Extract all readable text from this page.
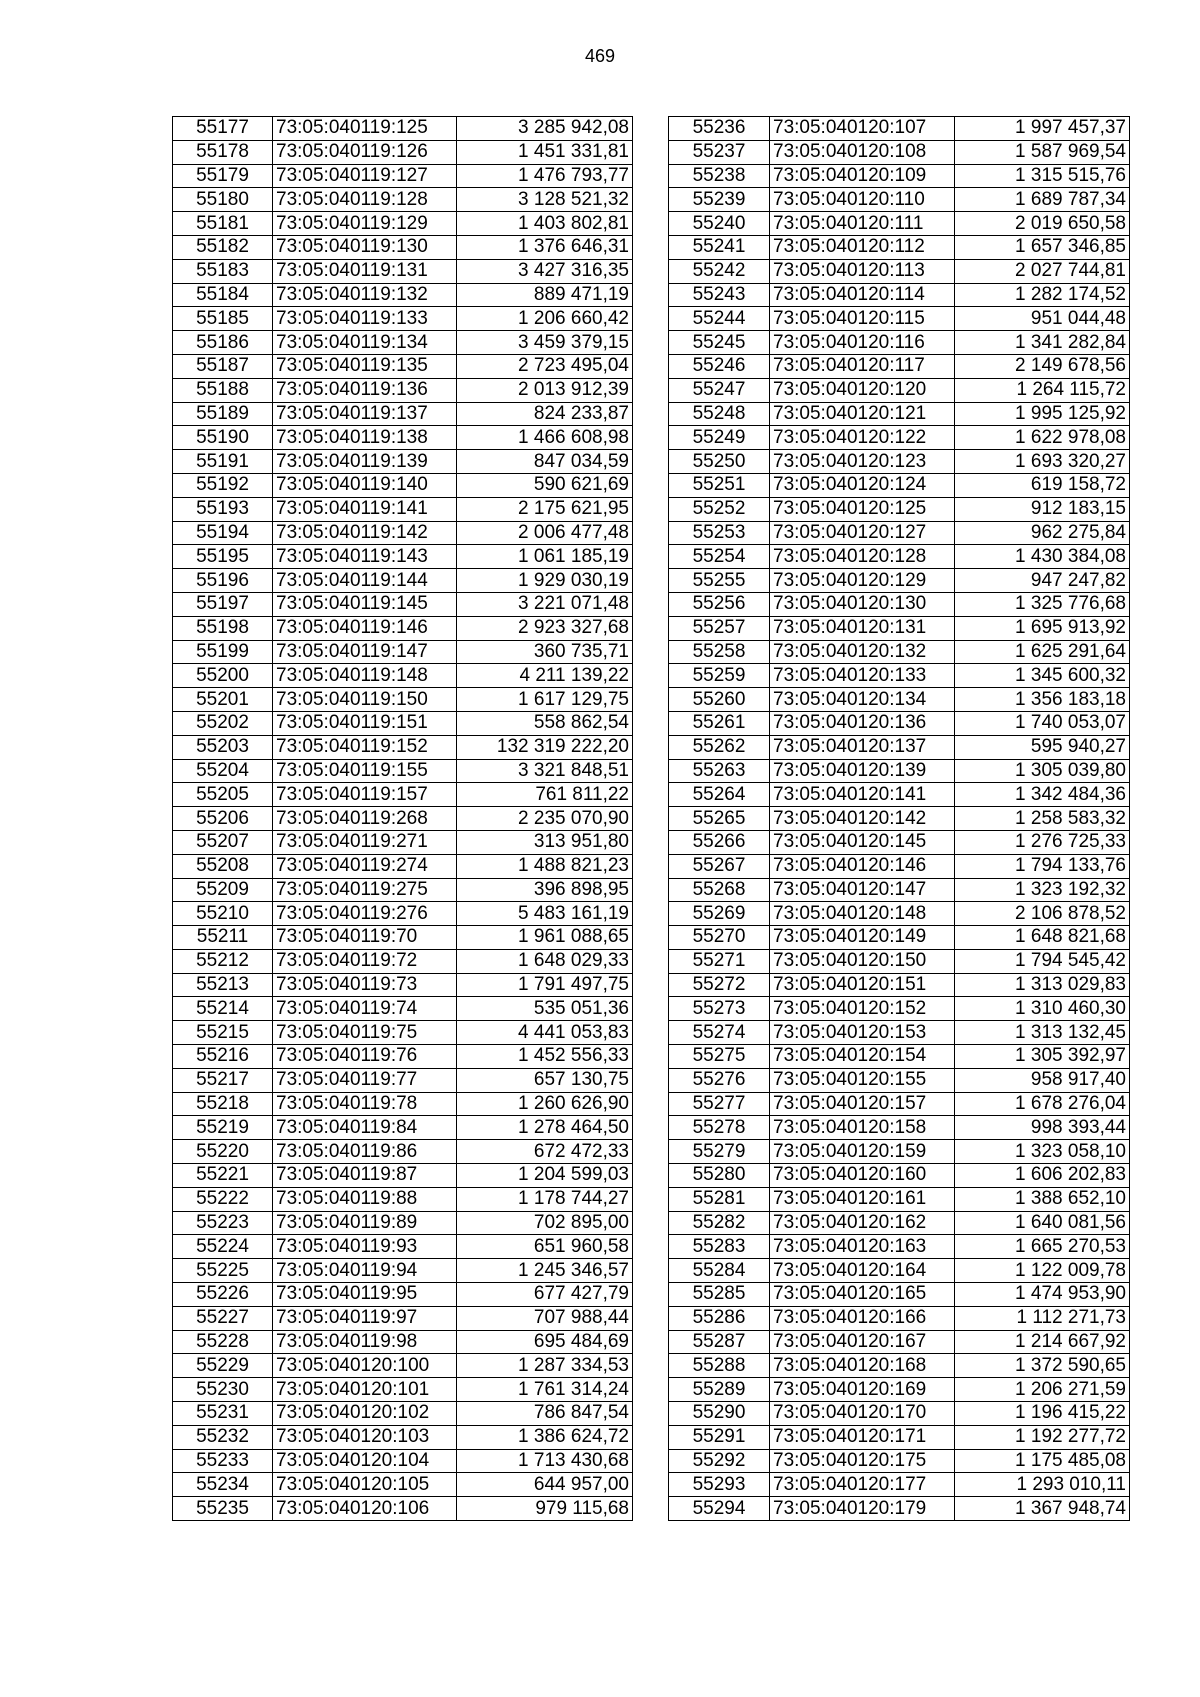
469
55177	73:05:040119:125	3 285 942,08
55178	73:05:040119:126	1 451 331,81
55179	73:05:040119:127	1 476 793,77
55180	73:05:040119:128	3 128 521,32
55181	73:05:040119:129	1 403 802,81
55182	73:05:040119:130	1 376 646,31
55183	73:05:040119:131	3 427 316,35
55184	73:05:040119:132	889 471,19
55185	73:05:040119:133	1 206 660,42
55186	73:05:040119:134	3 459 379,15
55187	73:05:040119:135	2 723 495,04
55188	73:05:040119:136	2 013 912,39
55189	73:05:040119:137	824 233,87
55190	73:05:040119:138	1 466 608,98
55191	73:05:040119:139	847 034,59
55192	73:05:040119:140	590 621,69
55193	73:05:040119:141	2 175 621,95
55194	73:05:040119:142	2 006 477,48
55195	73:05:040119:143	1 061 185,19
55196	73:05:040119:144	1 929 030,19
55197	73:05:040119:145	3 221 071,48
55198	73:05:040119:146	2 923 327,68
55199	73:05:040119:147	360 735,71
55200	73:05:040119:148	4 211 139,22
55201	73:05:040119:150	1 617 129,75
55202	73:05:040119:151	558 862,54
55203	73:05:040119:152	132 319 222,20
55204	73:05:040119:155	3 321 848,51
55205	73:05:040119:157	761 811,22
55206	73:05:040119:268	2 235 070,90
55207	73:05:040119:271	313 951,80
55208	73:05:040119:274	1 488 821,23
55209	73:05:040119:275	396 898,95
55210	73:05:040119:276	5 483 161,19
55211	73:05:040119:70	1 961 088,65
55212	73:05:040119:72	1 648 029,33
55213	73:05:040119:73	1 791 497,75
55214	73:05:040119:74	535 051,36
55215	73:05:040119:75	4 441 053,83
55216	73:05:040119:76	1 452 556,33
55217	73:05:040119:77	657 130,75
55218	73:05:040119:78	1 260 626,90
55219	73:05:040119:84	1 278 464,50
55220	73:05:040119:86	672 472,33
55221	73:05:040119:87	1 204 599,03
55222	73:05:040119:88	1 178 744,27
55223	73:05:040119:89	702 895,00
55224	73:05:040119:93	651 960,58
55225	73:05:040119:94	1 245 346,57
55226	73:05:040119:95	677 427,79
55227	73:05:040119:97	707 988,44
55228	73:05:040119:98	695 484,69
55229	73:05:040120:100	1 287 334,53
55230	73:05:040120:101	1 761 314,24
55231	73:05:040120:102	786 847,54
55232	73:05:040120:103	1 386 624,72
55233	73:05:040120:104	1 713 430,68
55234	73:05:040120:105	644 957,00
55235	73:05:040120:106	979 115,68
55236	73:05:040120:107	1 997 457,37
55237	73:05:040120:108	1 587 969,54
55238	73:05:040120:109	1 315 515,76
55239	73:05:040120:110	1 689 787,34
55240	73:05:040120:111	2 019 650,58
55241	73:05:040120:112	1 657 346,85
55242	73:05:040120:113	2 027 744,81
55243	73:05:040120:114	1 282 174,52
55244	73:05:040120:115	951 044,48
55245	73:05:040120:116	1 341 282,84
55246	73:05:040120:117	2 149 678,56
55247	73:05:040120:120	1 264 115,72
55248	73:05:040120:121	1 995 125,92
55249	73:05:040120:122	1 622 978,08
55250	73:05:040120:123	1 693 320,27
55251	73:05:040120:124	619 158,72
55252	73:05:040120:125	912 183,15
55253	73:05:040120:127	962 275,84
55254	73:05:040120:128	1 430 384,08
55255	73:05:040120:129	947 247,82
55256	73:05:040120:130	1 325 776,68
55257	73:05:040120:131	1 695 913,92
55258	73:05:040120:132	1 625 291,64
55259	73:05:040120:133	1 345 600,32
55260	73:05:040120:134	1 356 183,18
55261	73:05:040120:136	1 740 053,07
55262	73:05:040120:137	595 940,27
55263	73:05:040120:139	1 305 039,80
55264	73:05:040120:141	1 342 484,36
55265	73:05:040120:142	1 258 583,32
55266	73:05:040120:145	1 276 725,33
55267	73:05:040120:146	1 794 133,76
55268	73:05:040120:147	1 323 192,32
55269	73:05:040120:148	2 106 878,52
55270	73:05:040120:149	1 648 821,68
55271	73:05:040120:150	1 794 545,42
55272	73:05:040120:151	1 313 029,83
55273	73:05:040120:152	1 310 460,30
55274	73:05:040120:153	1 313 132,45
55275	73:05:040120:154	1 305 392,97
55276	73:05:040120:155	958 917,40
55277	73:05:040120:157	1 678 276,04
55278	73:05:040120:158	998 393,44
55279	73:05:040120:159	1 323 058,10
55280	73:05:040120:160	1 606 202,83
55281	73:05:040120:161	1 388 652,10
55282	73:05:040120:162	1 640 081,56
55283	73:05:040120:163	1 665 270,53
55284	73:05:040120:164	1 122 009,78
55285	73:05:040120:165	1 474 953,90
55286	73:05:040120:166	1 112 271,73
55287	73:05:040120:167	1 214 667,92
55288	73:05:040120:168	1 372 590,65
55289	73:05:040120:169	1 206 271,59
55290	73:05:040120:170	1 196 415,22
55291	73:05:040120:171	1 192 277,72
55292	73:05:040120:175	1 175 485,08
55293	73:05:040120:177	1 293 010,11
55294	73:05:040120:179	1 367 948,74
